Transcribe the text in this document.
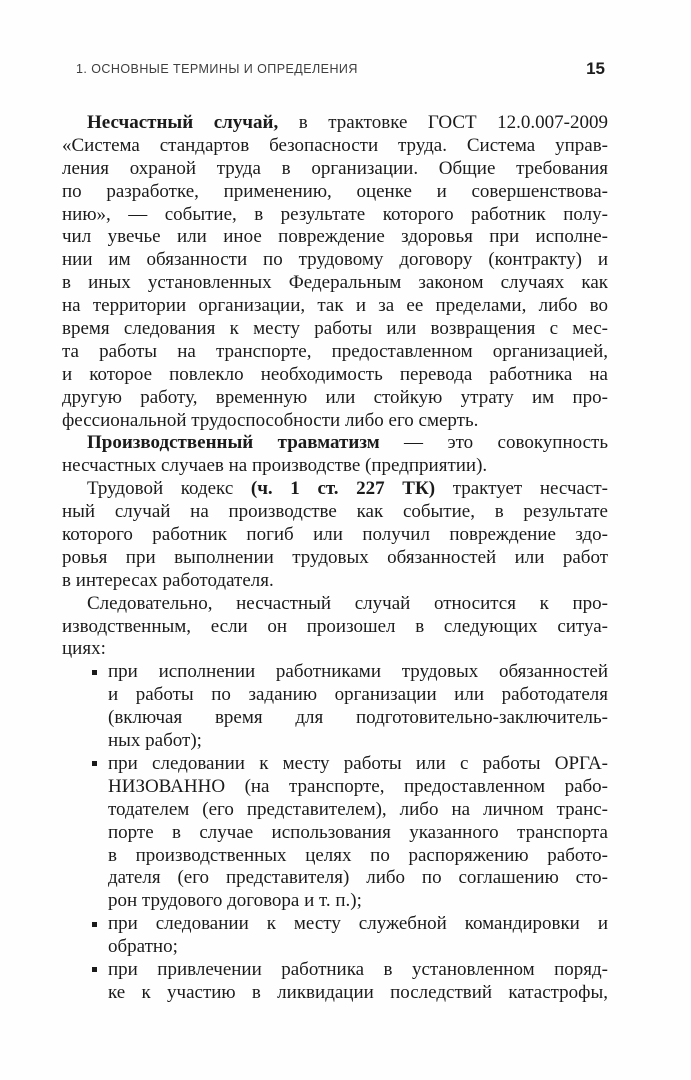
1. ОСНОВНЫЕ ТЕРМИНЫ И ОПРЕДЕЛЕНИЯ	15
Несчастный случай, в трактовке ГОСТ 12.0.007-2009
«Система стандартов безопасности труда. Система управ-
ления охраной труда в организации. Общие требования
по разработке, применению, оценке и совершенствова-
нию», — событие, в результате которого работник полу-
чил увечье или иное повреждение здоровья при исполне-
нии им обязанности по трудовому договору (контракту) и
в иных установленных Федеральным законом случаях как
на территории организации, так и за ее пределами, либо во
время следования к месту работы или возвращения с мес-
та работы на транспорте, предоставленном организацией,
и которое повлекло необходимость перевода работника на
другую работу, временную или стойкую утрату им про-
фессиональной трудоспособности либо его смерть.
Производственный травматизм — это совокупность
несчастных случаев на производстве (предприятии).
Трудовой кодекс (ч. 1 ст. 227 ТК) трактует несчаст-
ный случай на производстве как событие, в результате
которого работник погиб или получил повреждение здо-
ровья при выполнении трудовых обязанностей или работ
в интересах работодателя.
Следовательно, несчастный случай относится к про-
изводственным, если он произошел в следующих ситуа-
циях:
при исполнении работниками трудовых обязанностей
и работы по заданию организации или работодателя
(включая время для подготовительно-заключитель-
ных работ);
при следовании к месту работы или с работы ОРГА-
НИЗОВАННО (на транспорте, предоставленном рабо-
тодателем (его представителем), либо на личном транс-
порте в случае использования указанного транспорта
в производственных целях по распоряжению работо-
дателя (его представителя) либо по соглашению сто-
рон трудового договора и т. п.);
при следовании к месту служебной командировки и
обратно;
при привлечении работника в установленном поряд-
ке к участию в ликвидации последствий катастрофы,
